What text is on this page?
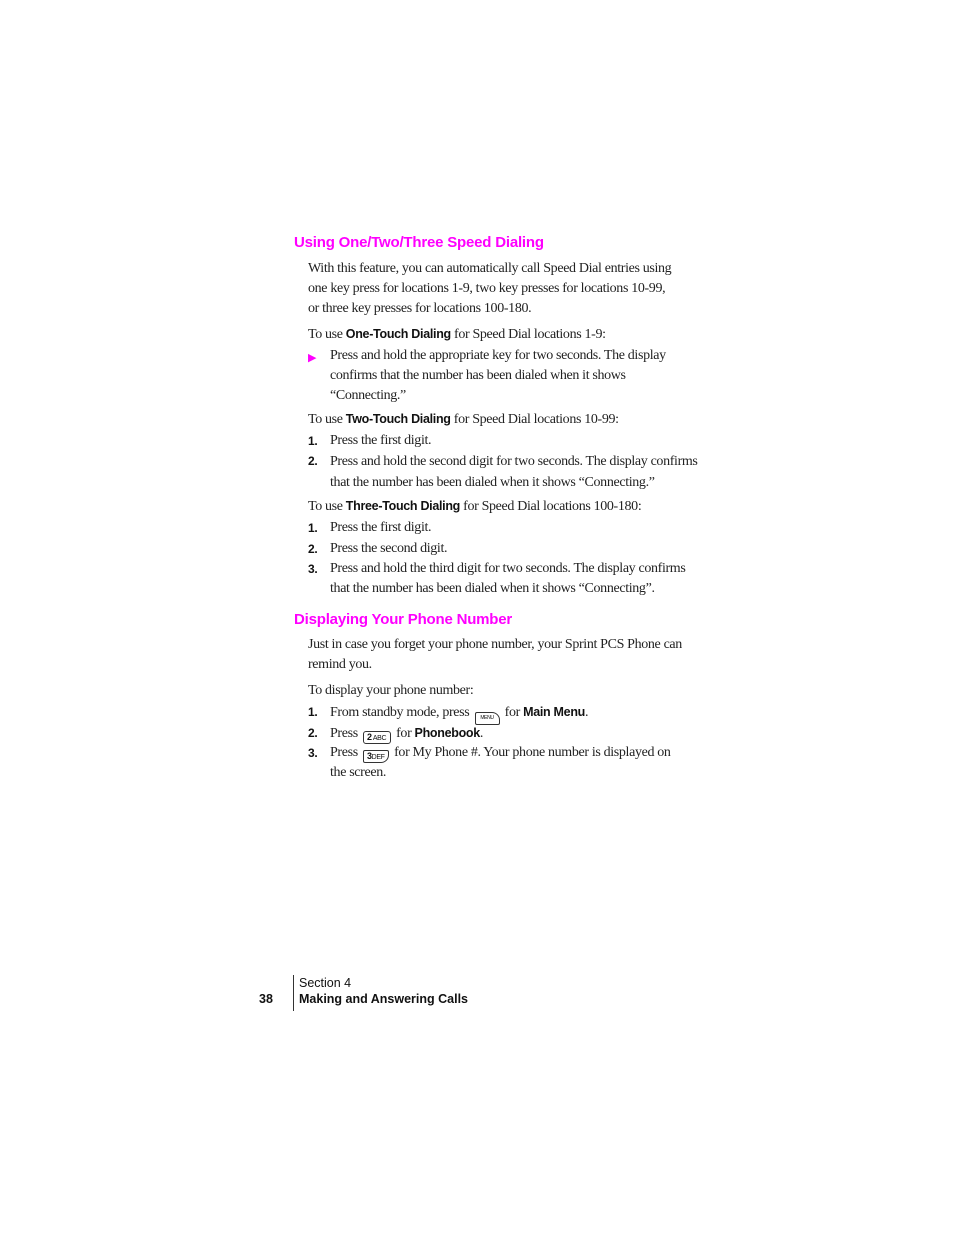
Using One/Two/Three Speed Dialing
With this feature, you can automatically call Speed Dial entries using one key press for locations 1-9, two key presses for locations 10-99, or three key presses for locations 100-180.
To use One-Touch Dialing for Speed Dial locations 1-9:
▶ Press and hold the appropriate key for two seconds. The display confirms that the number has been dialed when it shows “Connecting.”
To use Two-Touch Dialing for Speed Dial locations 10-99:
1. Press the first digit.
2. Press and hold the second digit for two seconds. The display confirms that the number has been dialed when it shows “Connecting.”
To use Three-Touch Dialing for Speed Dial locations 100-180:
1. Press the first digit.
2. Press the second digit.
3. Press and hold the third digit for two seconds. The display confirms that the number has been dialed when it shows “Connecting”.
Displaying Your Phone Number
Just in case you forget your phone number, your Sprint PCS Phone can remind you.
To display your phone number:
1. From standby mode, press MENU for Main Menu.
2. Press 2 ABC for Phonebook.
3. Press 3DEF for My Phone #. Your phone number is displayed on the screen.
Section 4
Making and Answering Calls
38
